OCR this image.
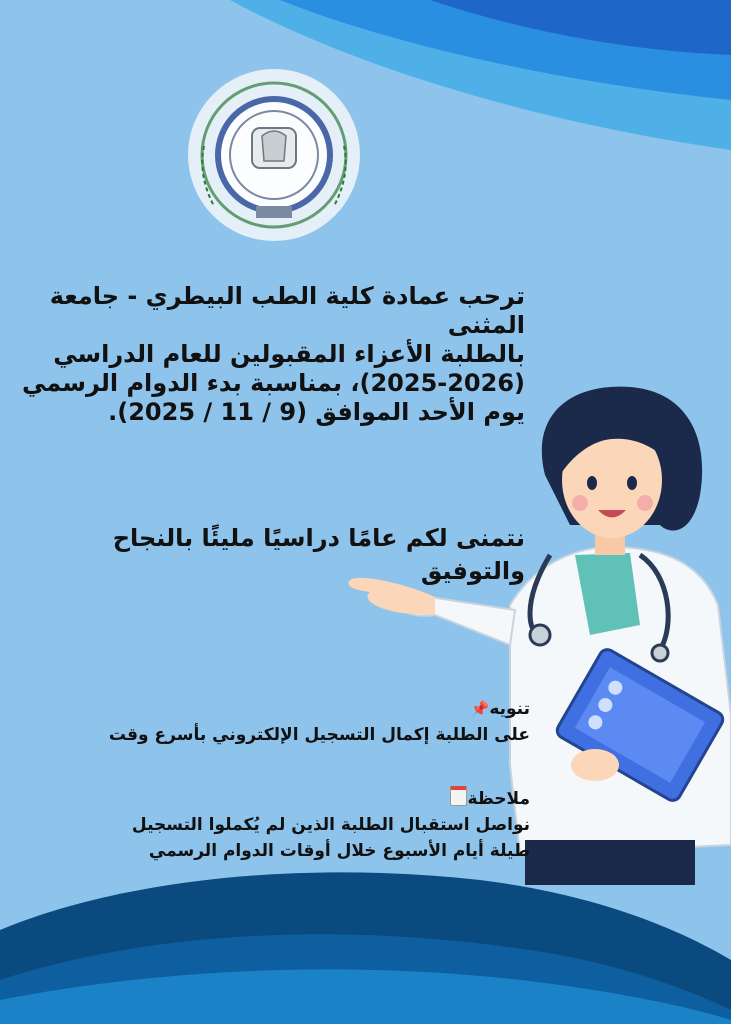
ترحب عمادة كلية الطب البيطري - جامعة
المثنى
بالطلبة الأعزاء المقبولين للعام الدراسي
(2025-2026)، بمناسبة بدء الدوام الرسمي
يوم الأحد الموافق (9 / 11 / 2025).
نتمنى لكم عامًا دراسيًا مليئًا بالنجاح
والتوفيق
تنويه📌
على الطلبة إكمال التسجيل الإلكتروني بأسرع وقت
ملاحظة
نواصل استقبال الطلبة الذين لم يُكملوا التسجيل
طيلة أيام الأسبوع خلال أوقات الدوام الرسمي
